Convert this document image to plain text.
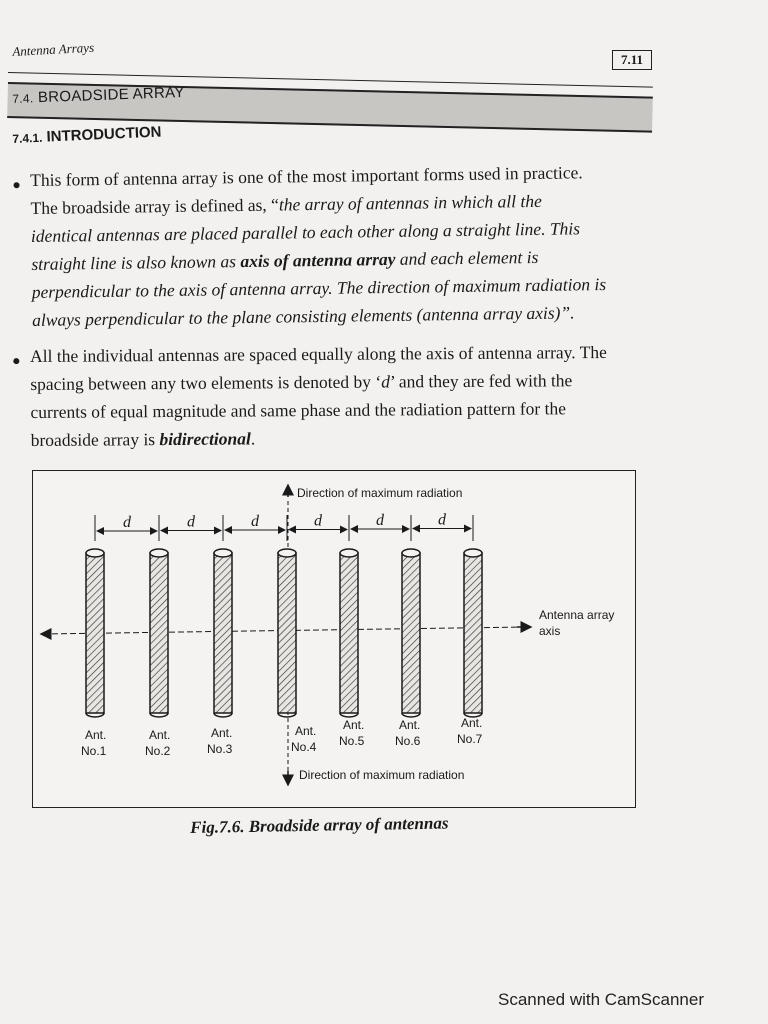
Antenna Arrays
7.11
7.4. BROADSIDE ARRAY
7.4.1. INTRODUCTION
● This form of antenna array is one of the most important forms used in practice.
The broadside array is defined as, “the array of antennas in which all the
identical antennas are placed parallel to each other along a straight line. This
straight line is also known as axis of antenna array and each element is
perpendicular to the axis of antenna array. The direction of maximum radiation is
always perpendicular to the plane consisting elements (antenna array axis)”.
● All the individual antennas are spaced equally along the axis of antenna array. The
spacing between any two elements is denoted by ‘d’ and they are fed with the
currents of equal magnitude and same phase and the radiation pattern for the
broadside array is bidirectional.
Direction of maximum radiation
Direction of maximum radiation
Antenna array
axis
d	d	d	d	d	d
Ant.
No.1
Ant.
No.2
Ant.
No.3
Ant.
No.4
Ant.
No.5
Ant.
No.6
Ant.
No.7
Fig.7.6. Broadside array of antennas
Scanned with CamScanner
